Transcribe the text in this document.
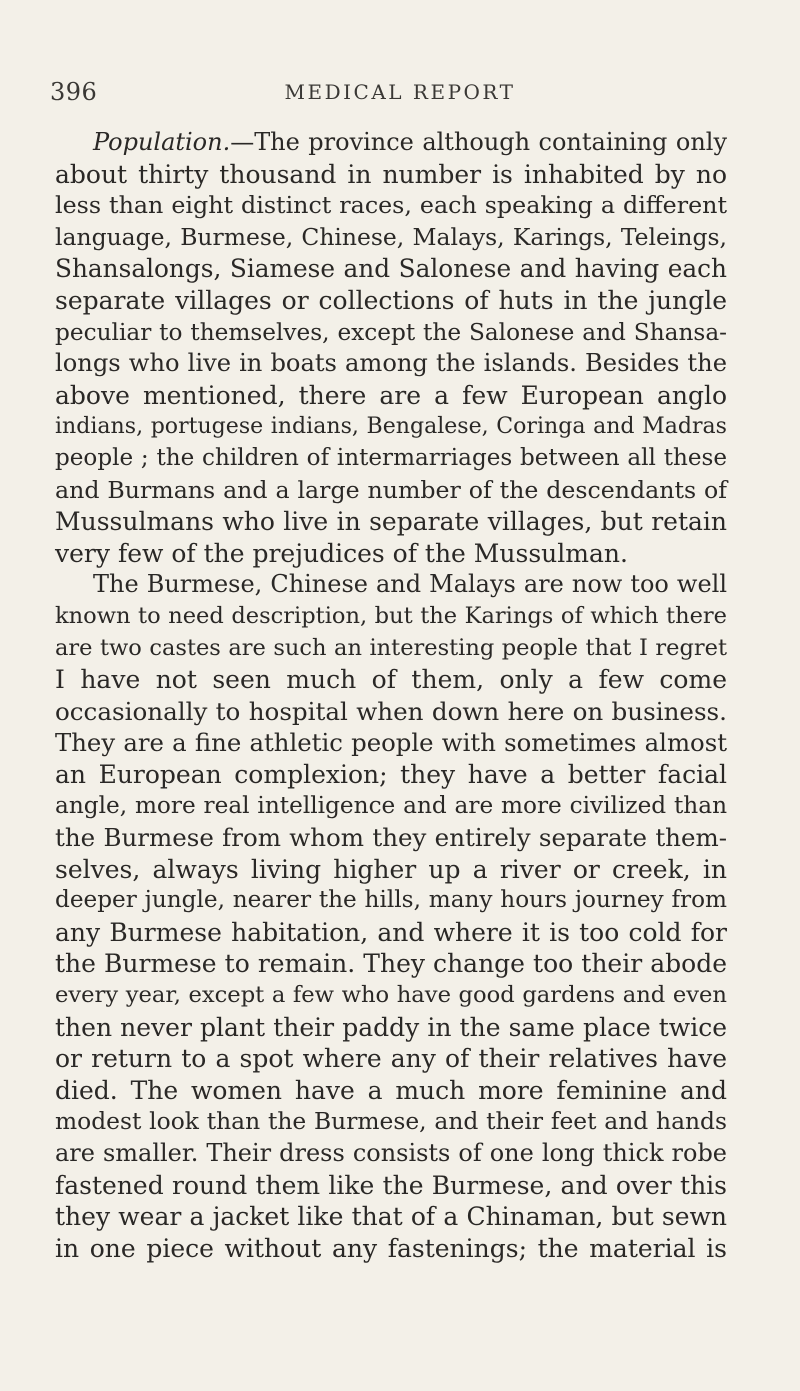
396	MEDICAL REPORT
Population.—The province although containing only
about thirty thousand in number is inhabited by no
less than eight distinct races, each speaking a different
language, Burmese, Chinese, Malays, Karings, Teleings,
Shansalongs, Siamese and Salonese and having each
separate villages or collections of huts in the jungle
peculiar to themselves, except the Salonese and Shansa-
longs who live in boats among the islands. Besides the
above mentioned, there are a few European anglo
indians, portugese indians, Bengalese, Coringa and Madras
people ; the children of intermarriages between all these
and Burmans and a large number of the descendants of
Mussulmans who live in separate villages, but retain
very few of the prejudices of the Mussulman.
The Burmese, Chinese and Malays are now too well
known to need description, but the Karings of which there
are two castes are such an interesting people that I regret
I have not seen much of them, only a few come
occasionally to hospital when down here on business.
They are a fine athletic people with sometimes almost
an European complexion; they have a better facial
angle, more real intelligence and are more civilized than
the Burmese from whom they entirely separate them-
selves, always living higher up a river or creek, in
deeper jungle, nearer the hills, many hours journey from
any Burmese habitation, and where it is too cold for
the Burmese to remain. They change too their abode
every year, except a few who have good gardens and even
then never plant their paddy in the same place twice
or return to a spot where any of their relatives have
died. The women have a much more feminine and
modest look than the Burmese, and their feet and hands
are smaller. Their dress consists of one long thick robe
fastened round them like the Burmese, and over this
they wear a jacket like that of a Chinaman, but sewn
in one piece without any fastenings; the material is
